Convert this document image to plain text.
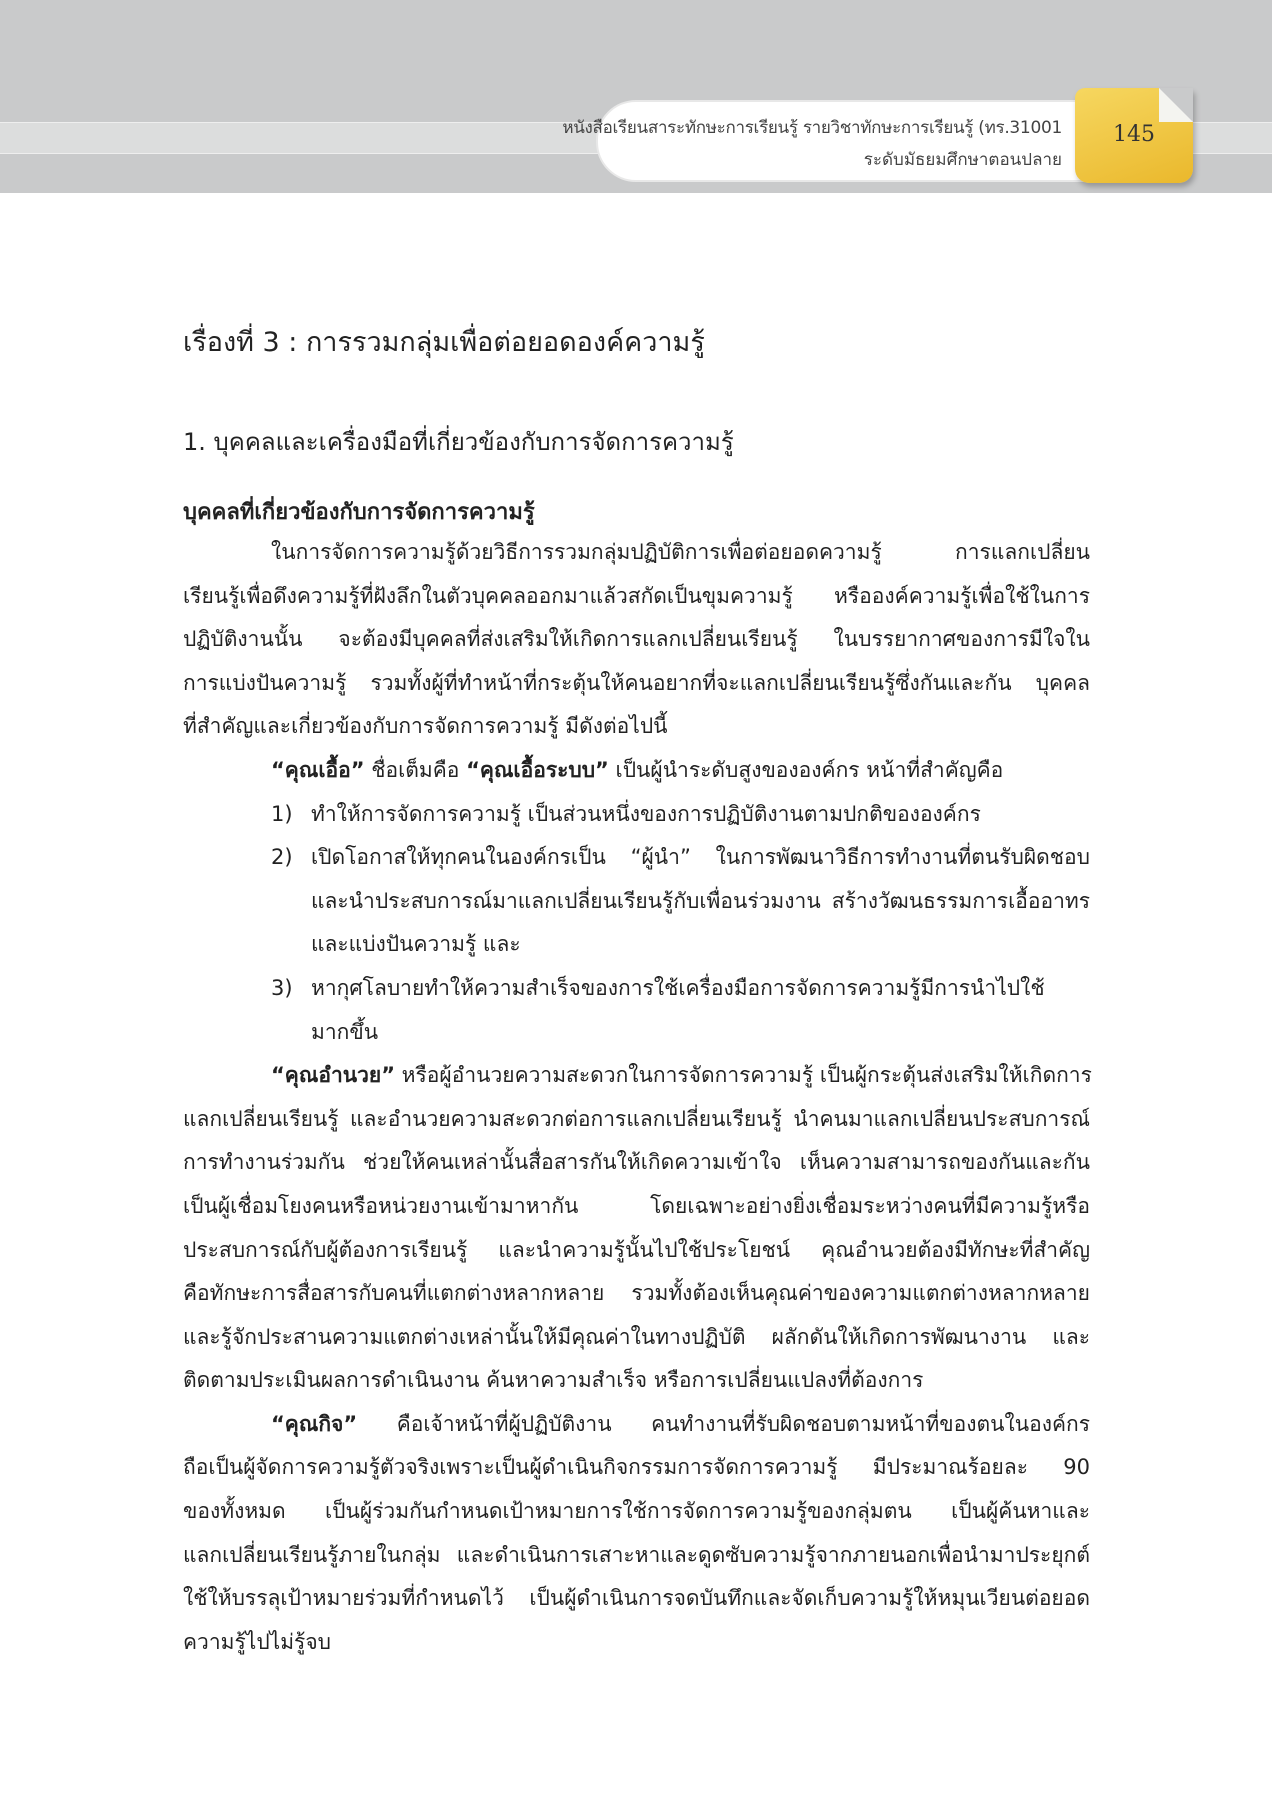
หนังสือเรียนสาระทักษะการเรียนรู้ รายวิชาทักษะการเรียนรู้ (ทร.31001
ระดับมัธยมศึกษาตอนปลาย
145
เรื่องที่ 3 : การรวมกลุ่มเพื่อต่อยอดองค์ความรู้
1. บุคคลและเครื่องมือที่เกี่ยวข้องกับการจัดการความรู้
บุคคลที่เกี่ยวข้องกับการจัดการความรู้
ในการจัดการความรู้ด้วยวิธีการรวมกลุ่มปฏิบัติการเพื่อต่อยอดความรู้ การแลกเปลี่ยน
เรียนรู้เพื่อดึงความรู้ที่ฝังลึกในตัวบุคคลออกมาแล้วสกัดเป็นขุมความรู้ หรือองค์ความรู้เพื่อใช้ในการ
ปฏิบัติงานนั้น จะต้องมีบุคคลที่ส่งเสริมให้เกิดการแลกเปลี่ยนเรียนรู้ ในบรรยากาศของการมีใจใน
การแบ่งปันความรู้ รวมทั้งผู้ที่ทำหน้าที่กระตุ้นให้คนอยากที่จะแลกเปลี่ยนเรียนรู้ซึ่งกันและกัน บุคคล
ที่สำคัญและเกี่ยวข้องกับการจัดการความรู้ มีดังต่อไปนี้
“คุณเอื้อ” ชื่อเต็มคือ “คุณเอื้อระบบ” เป็นผู้นำระดับสูงขององค์กร หน้าที่สำคัญคือ
1) ทำให้การจัดการความรู้ เป็นส่วนหนึ่งของการปฏิบัติงานตามปกติขององค์กร
2) เปิดโอกาสให้ทุกคนในองค์กรเป็น “ผู้นำ” ในการพัฒนาวิธีการทำงานที่ตนรับผิดชอบ
และนำประสบการณ์มาแลกเปลี่ยนเรียนรู้กับเพื่อนร่วมงาน สร้างวัฒนธรรมการเอื้ออาทร
และแบ่งปันความรู้ และ
3) หากุศโลบายทำให้ความสำเร็จของการใช้เครื่องมือการจัดการความรู้มีการนำไปใช้
มากขึ้น
“คุณอำนวย” หรือผู้อำนวยความสะดวกในการจัดการความรู้ เป็นผู้กระตุ้นส่งเสริมให้เกิดการ
แลกเปลี่ยนเรียนรู้ และอำนวยความสะดวกต่อการแลกเปลี่ยนเรียนรู้ นำคนมาแลกเปลี่ยนประสบการณ์
การทำงานร่วมกัน ช่วยให้คนเหล่านั้นสื่อสารกันให้เกิดความเข้าใจ เห็นความสามารถของกันและกัน
เป็นผู้เชื่อมโยงคนหรือหน่วยงานเข้ามาหากัน โดยเฉพาะอย่างยิ่งเชื่อมระหว่างคนที่มีความรู้หรือ
ประสบการณ์กับผู้ต้องการเรียนรู้ และนำความรู้นั้นไปใช้ประโยชน์ คุณอำนวยต้องมีทักษะที่สำคัญ
คือทักษะการสื่อสารกับคนที่แตกต่างหลากหลาย รวมทั้งต้องเห็นคุณค่าของความแตกต่างหลากหลาย
และรู้จักประสานความแตกต่างเหล่านั้นให้มีคุณค่าในทางปฏิบัติ ผลักดันให้เกิดการพัฒนางาน และ
ติดตามประเมินผลการดำเนินงาน ค้นหาความสำเร็จ หรือการเปลี่ยนแปลงที่ต้องการ
“คุณกิจ” คือเจ้าหน้าที่ผู้ปฏิบัติงาน คนทำงานที่รับผิดชอบตามหน้าที่ของตนในองค์กร
ถือเป็นผู้จัดการความรู้ตัวจริงเพราะเป็นผู้ดำเนินกิจกรรมการจัดการความรู้ มีประมาณร้อยละ 90
ของทั้งหมด เป็นผู้ร่วมกันกำหนดเป้าหมายการใช้การจัดการความรู้ของกลุ่มตน เป็นผู้ค้นหาและ
แลกเปลี่ยนเรียนรู้ภายในกลุ่ม และดำเนินการเสาะหาและดูดซับความรู้จากภายนอกเพื่อนำมาประยุกต์
ใช้ให้บรรลุเป้าหมายร่วมที่กำหนดไว้ เป็นผู้ดำเนินการจดบันทึกและจัดเก็บความรู้ให้หมุนเวียนต่อยอด
ความรู้ไปไม่รู้จบ
